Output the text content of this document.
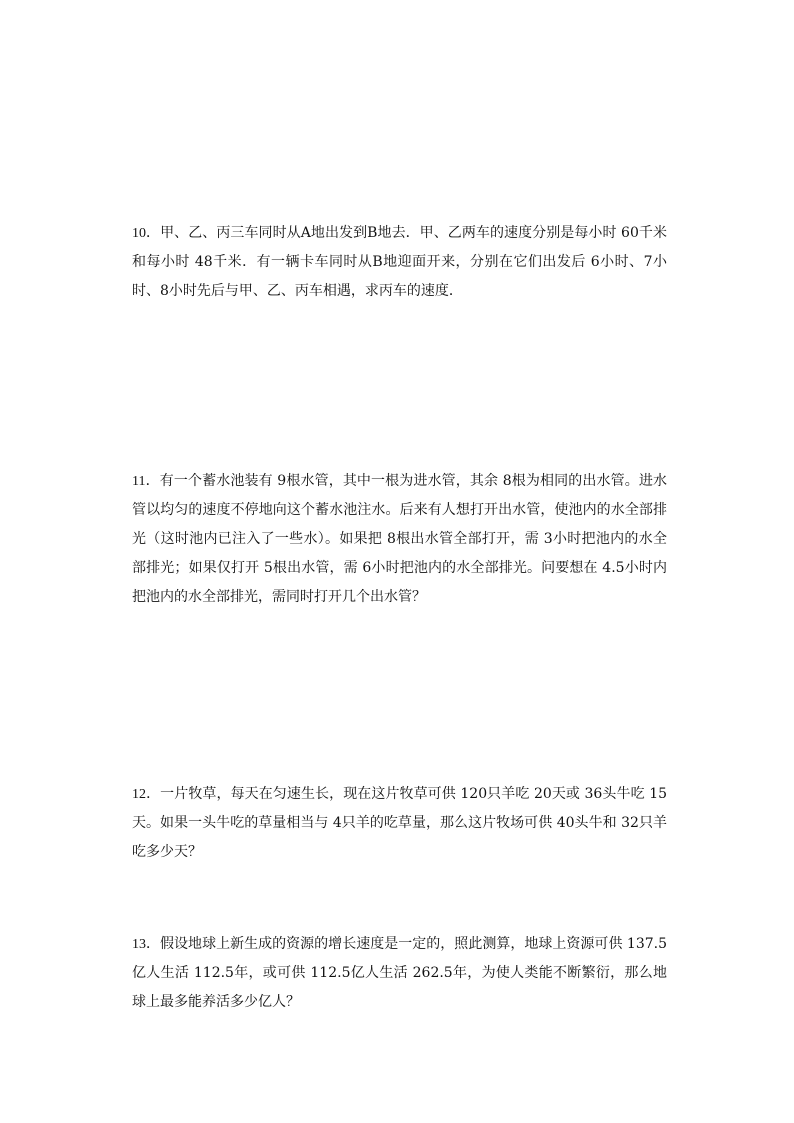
10．甲、乙、丙三车同时从A地出发到B地去．甲、乙两车的速度分别是每小时 60千米和每小时 48千米．有一辆卡车同时从B地迎面开来，分别在它们出发后 6小时、7小时、8小时先后与甲、乙、丙车相遇，求丙车的速度．
11．有一个蓄水池装有 9根水管，其中一根为进水管，其余 8根为相同的出水管。进水管以均匀的速度不停地向这个蓄水池注水。后来有人想打开出水管，使池内的水全部排光（这时池内已注入了一些水）。如果把 8根出水管全部打开，需 3小时把池内的水全部排光；如果仅打开 5根出水管，需 6小时把池内的水全部排光。问要想在 4.5小时内把池内的水全部排光，需同时打开几个出水管？
12．一片牧草，每天在匀速生长，现在这片牧草可供 120只羊吃 20天或 36头牛吃 15天。如果一头牛吃的草量相当与 4只羊的吃草量，那么这片牧场可供 40头牛和 32只羊吃多少天？
13．假设地球上新生成的资源的增长速度是一定的，照此测算，地球上资源可供 137.5亿人生活 112.5年，或可供 112.5亿人生活 262.5年，为使人类能不断繁衍，那么地球上最多能养活多少亿人？
